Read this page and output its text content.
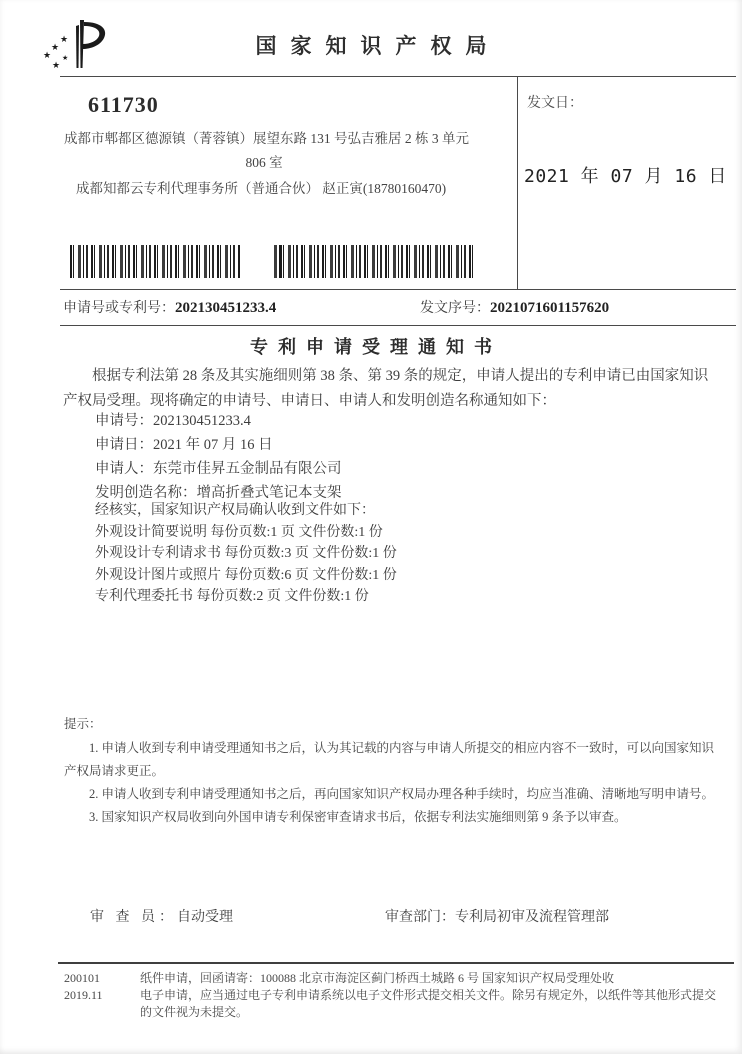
★
★
★
★
★	国家知识产权局
611730
成都市郫都区德源镇（菁蓉镇）展望东路 131 号弘吉雅居 2 栋 3 单元
806 室
成都知都云专利代理事务所（普通合伙） 赵正寅(18780160470)
发文日：
2021 年 07 月 16 日
申请号或专利号：202130451233.4	发文序号：2021071601157620
专利申请受理通知书
根据专利法第 28 条及其实施细则第 38 条、第 39 条的规定，申请人提出的专利申请已由国家知识产权局受理。现将确定的申请号、申请日、申请人和发明创造名称通知如下：
申请号：202130451233.4
申请日：2021 年 07 月 16 日
申请人：东莞市佳昇五金制品有限公司
发明创造名称：增高折叠式笔记本支架
经核实，国家知识产权局确认收到文件如下：
外观设计简要说明 每份页数:1 页 文件份数:1 份
外观设计专利请求书 每份页数:3 页 文件份数:1 份
外观设计图片或照片 每份页数:6 页 文件份数:1 份
专利代理委托书 每份页数:2 页 文件份数:1 份
提示：

1. 申请人收到专利申请受理通知书之后，认为其记载的内容与申请人所提交的相应内容不一致时，可以向国家知识产权局请求更正。

2. 申请人收到专利申请受理通知书之后，再向国家知识产权局办理各种手续时，均应当准确、清晰地写明申请号。

3. 国家知识产权局收到向外国申请专利保密审查请求书后，依据专利法实施细则第 9 条予以审查。

审 查 员：自动受理	审查部门：专利局初审及流程管理部
200101	纸件申请，回函请寄：100088 北京市海淀区蓟门桥西土城路 6 号 国家知识产权局受理处收
2019.11	电子申请，应当通过电子专利申请系统以电子文件形式提交相关文件。除另有规定外，以纸件等其他形式提交的文件视为未提交。
